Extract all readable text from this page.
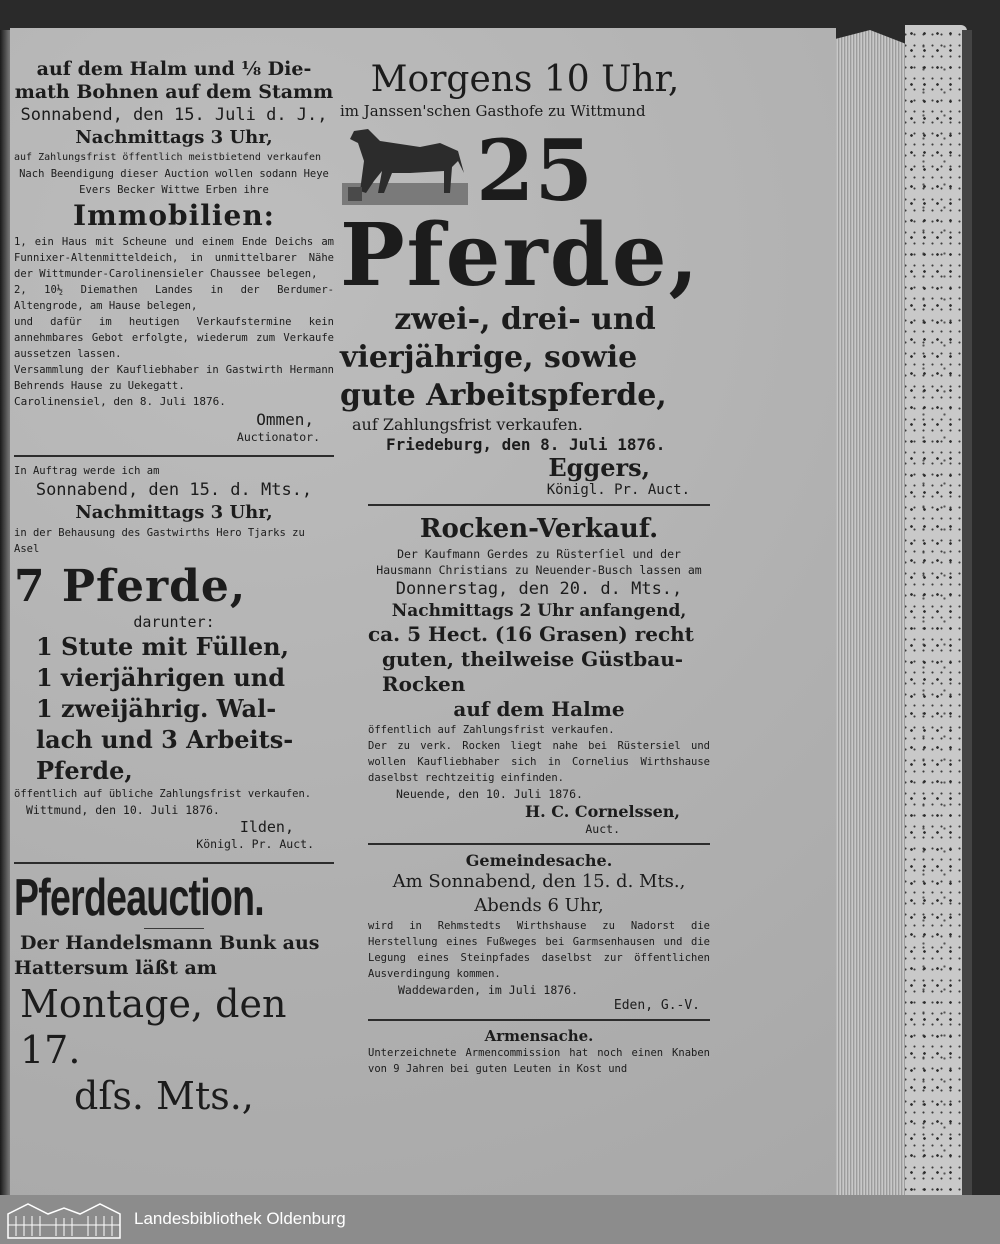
auf dem Halm und ⅛ Die-
math Bohnen auf dem Stamm
Sonnabend, den 15. Juli d. J.,
Nachmittags 3 Uhr,
auf Zahlungsfrist öffentlich meistbietend verkaufen
Nach Beendigung dieser Auction wollen sodann Heye Evers Becker Wittwe Erben ihre
Immobilien:
1, ein Haus mit Scheune und einem Ende Deichs am Funnixer-Altenmitteldeich, in unmittelbarer Nähe der Wittmunder-Carolinensieler Chaussee belegen,
2, 10½ Diemathen Landes in der Berdumer-Altengrode, am Hause belegen,
und dafür im heutigen Verkaufstermine kein annehmbares Gebot erfolgte, wiederum zum Verkaufe aussetzen lassen.
Versammlung der Kaufliebhaber in Gastwirth Hermann Behrends Hause zu Uekegatt.
Carolinensiel, den 8. Juli 1876.
Ommen,
Auctionator.
In Auftrag werde ich am
Sonnabend, den 15. d. Mts.,
Nachmittags 3 Uhr,
in der Behausung des Gastwirths Hero Tjarks zu Asel
7 Pferde,
darunter:
1 Stute mit Füllen,
1 vierjährigen und
1 zweijährig. Wal-
lach und 3 Arbeits-
Pferde,
öffentlich auf übliche Zahlungsfrist verkaufen.
Wittmund, den 10. Juli 1876.
Ilden,
Königl. Pr. Auct.
Pferdeauction.
Der Handelsmann Bunk aus
Hattersum läßt am
Montage, den 17.
dſs. Mts.,
Morgens 10 Uhr,
im Janssen'schen Gasthofe zu Wittmund
25
Pferde,
zwei-, drei- und
vierjährige, sowie
gute Arbeitspferde,
auf Zahlungsfrist verkaufen.
Friedeburg, den 8. Juli 1876.
Eggers,
Königl. Pr. Auct.
Rocken-Verkauf.
Der Kaufmann Gerdes zu Rüsterſiel und der Hausmann Christians zu Neuender-Busch lassen am
Donnerstag, den 20. d. Mts.,
Nachmittags 2 Uhr anfangend,
ca. 5 Hect. (16 Grasen) recht
guten, theilweise Güstbau-Rocken
auf dem Halme
öffentlich auf Zahlungsfrist verkaufen.
Der zu verk. Rocken liegt nahe bei Rüstersiel und wollen Kaufliebhaber sich in Cornelius Wirthshause daselbst rechtzeitig einfinden.
Neuende, den 10. Juli 1876.
H. C. Cornelssen,
Auct.
Gemeindesache.
Am Sonnabend, den 15. d. Mts.,
Abends 6 Uhr,
wird in Rehmstedts Wirthshause zu Nadorst die Herstellung eines Fußweges bei Garmsenhausen und die Legung eines Steinpfades daselbst zur öffentlichen Ausverdingung kommen.
Waddewarden, im Juli 1876.
Eden, G.-V.
Armensache.
Unterzeichnete Armencommission hat noch einen Knaben von 9 Jahren bei guten Leuten in Kost und
Landesbibliothek Oldenburg
